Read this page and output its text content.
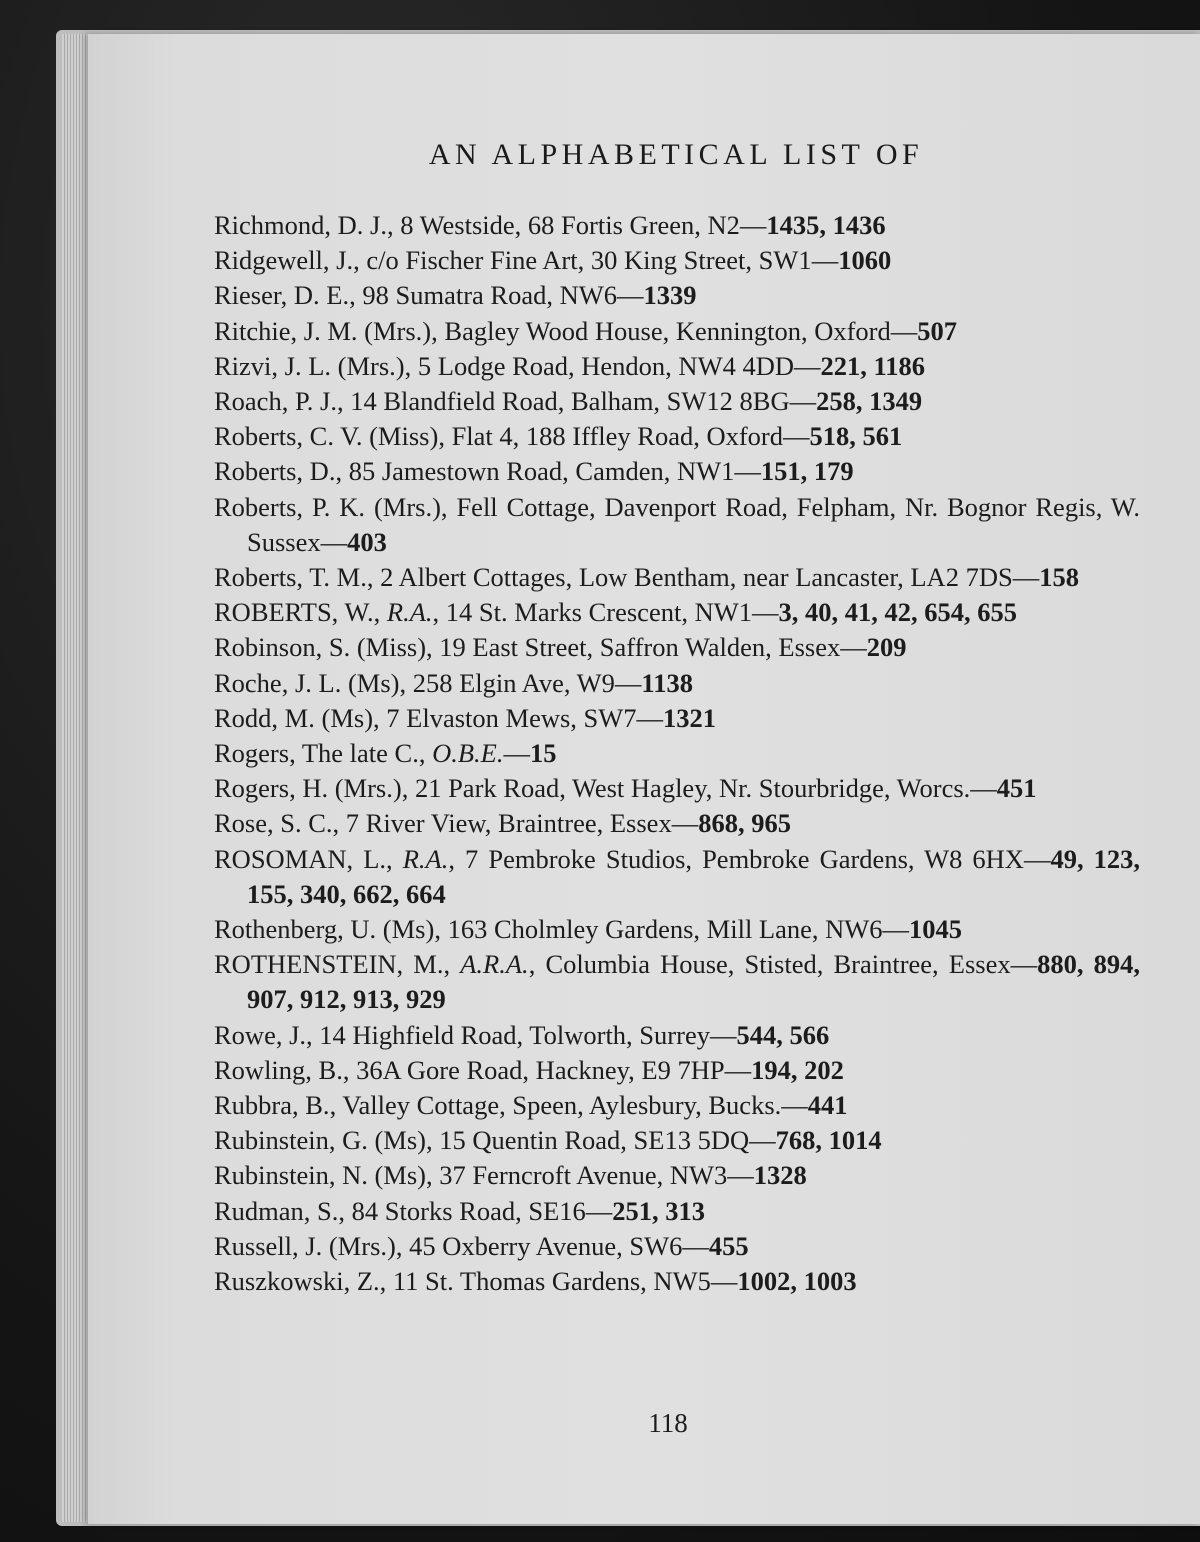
AN ALPHABETICAL LIST OF
Richmond, D. J., 8 Westside, 68 Fortis Green, N2—1435, 1436
Ridgewell, J., c/o Fischer Fine Art, 30 King Street, SW1—1060
Rieser, D. E., 98 Sumatra Road, NW6—1339
Ritchie, J. M. (Mrs.), Bagley Wood House, Kennington, Oxford—507
Rizvi, J. L. (Mrs.), 5 Lodge Road, Hendon, NW4 4DD—221, 1186
Roach, P. J., 14 Blandfield Road, Balham, SW12 8BG—258, 1349
Roberts, C. V. (Miss), Flat 4, 188 Iffley Road, Oxford—518, 561
Roberts, D., 85 Jamestown Road, Camden, NW1—151, 179
Roberts, P. K. (Mrs.), Fell Cottage, Davenport Road, Felpham, Nr. Bognor Regis, W. Sussex—403
Roberts, T. M., 2 Albert Cottages, Low Bentham, near Lancaster, LA2 7DS—158
ROBERTS, W., R.A., 14 St. Marks Crescent, NW1—3, 40, 41, 42, 654, 655
Robinson, S. (Miss), 19 East Street, Saffron Walden, Essex—209
Roche, J. L. (Ms), 258 Elgin Ave, W9—1138
Rodd, M. (Ms), 7 Elvaston Mews, SW7—1321
Rogers, The late C., O.B.E.—15
Rogers, H. (Mrs.), 21 Park Road, West Hagley, Nr. Stourbridge, Worcs.—451
Rose, S. C., 7 River View, Braintree, Essex—868, 965
ROSOMAN, L., R.A., 7 Pembroke Studios, Pembroke Gardens, W8 6HX—49, 123, 155, 340, 662, 664
Rothenberg, U. (Ms), 163 Cholmley Gardens, Mill Lane, NW6—1045
ROTHENSTEIN, M., A.R.A., Columbia House, Stisted, Braintree, Essex—880, 894, 907, 912, 913, 929
Rowe, J., 14 Highfield Road, Tolworth, Surrey—544, 566
Rowling, B., 36A Gore Road, Hackney, E9 7HP—194, 202
Rubbra, B., Valley Cottage, Speen, Aylesbury, Bucks.—441
Rubinstein, G. (Ms), 15 Quentin Road, SE13 5DQ—768, 1014
Rubinstein, N. (Ms), 37 Ferncroft Avenue, NW3—1328
Rudman, S., 84 Storks Road, SE16—251, 313
Russell, J. (Mrs.), 45 Oxberry Avenue, SW6—455
Ruszkowski, Z., 11 St. Thomas Gardens, NW5—1002, 1003
118
